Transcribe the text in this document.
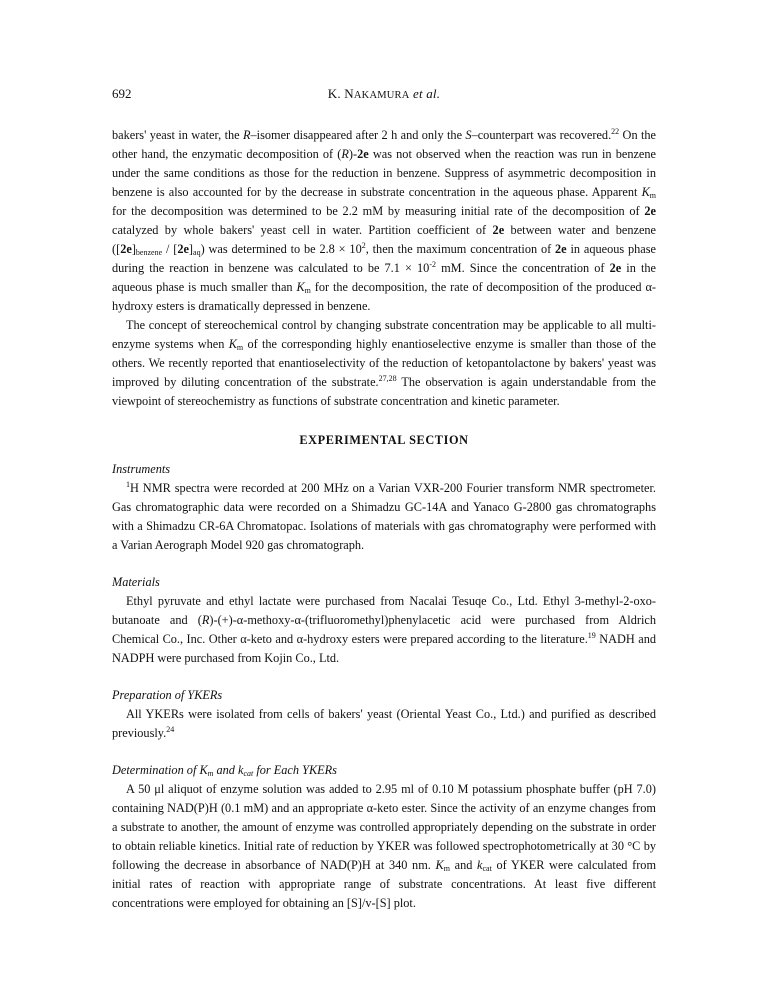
692	K. NAKAMURA et al.

bakers' yeast in water, the R–isomer disappeared after 2 h and only the S–counterpart was recovered.$^{22}$ On the other hand, the enzymatic decomposition of (R)-2e was not observed when the reaction was run in benzene under the same conditions as those for the reduction in benzene. Suppress of asymmetric decomposition in benzene is also accounted for by the decrease in substrate concentration in the aqueous phase. Apparent $K_m$ for the decomposition was determined to be 2.2 mM by measuring initial rate of the decomposition of 2e catalyzed by whole bakers' yeast cell in water. Partition coefficient of 2e between water and benzene $([2e]_{benzene} / [2e]_{aq})$ was determined to be $2.8 \times 10^2$, then the maximum concentration of 2e in aqueous phase during the reaction in benzene was calculated to be $7.1 \times 10^{-2}$ mM. Since the concentration of 2e in the aqueous phase is much smaller than $K_m$ for the decomposition, the rate of decomposition of the produced α-hydroxy esters is dramatically depressed in benzene.

The concept of stereochemical control by changing substrate concentration may be applicable to all multi-enzyme systems when $K_m$ of the corresponding highly enantioselective enzyme is smaller than those of the others. We recently reported that enantioselectivity of the reduction of ketopantolactone by bakers' yeast was improved by diluting concentration of the substrate.$^{27,28}$ The observation is again understandable from the viewpoint of stereochemistry as functions of substrate concentration and kinetic parameter.

EXPERIMENTAL SECTION

Instruments

$^1$H NMR spectra were recorded at 200 MHz on a Varian VXR-200 Fourier transform NMR spectrometer. Gas chromatographic data were recorded on a Shimadzu GC-14A and Yanaco G-2800 gas chromatographs with a Shimadzu CR-6A Chromatopac. Isolations of materials with gas chromatography were performed with a Varian Aerograph Model 920 gas chromatograph.

Materials

Ethyl pyruvate and ethyl lactate were purchased from Nacalai Tesuqe Co., Ltd. Ethyl 3-methyl-2-oxo-butanoate and (R)-(+)-α-methoxy-α-(trifluoromethyl)phenylacetic acid were purchased from Aldrich Chemical Co., Inc. Other α-keto and α-hydroxy esters were prepared according to the literature.$^{19}$ NADH and NADPH were purchased from Kojin Co., Ltd.

Preparation of YKERs

All YKERs were isolated from cells of bakers' yeast (Oriental Yeast Co., Ltd.) and purified as described previously.$^{24}$

Determination of $K_m$ and $k_{cat}$ for Each YKERs

A 50 μl aliquot of enzyme solution was added to 2.95 ml of 0.10 M potassium phosphate buffer (pH 7.0) containing NAD(P)H (0.1 mM) and an appropriate α-keto ester. Since the activity of an enzyme changes from a substrate to another, the amount of enzyme was controlled appropriately depending on the substrate in order to obtain reliable kinetics. Initial rate of reduction by YKER was followed spectrophotometrically at 30 °C by following the decrease in absorbance of NAD(P)H at 340 nm. $K_m$ and $k_{cat}$ of YKER were calculated from initial rates of reaction with appropriate range of substrate concentrations. At least five different concentrations were employed for obtaining an [S]/v-[S] plot.
